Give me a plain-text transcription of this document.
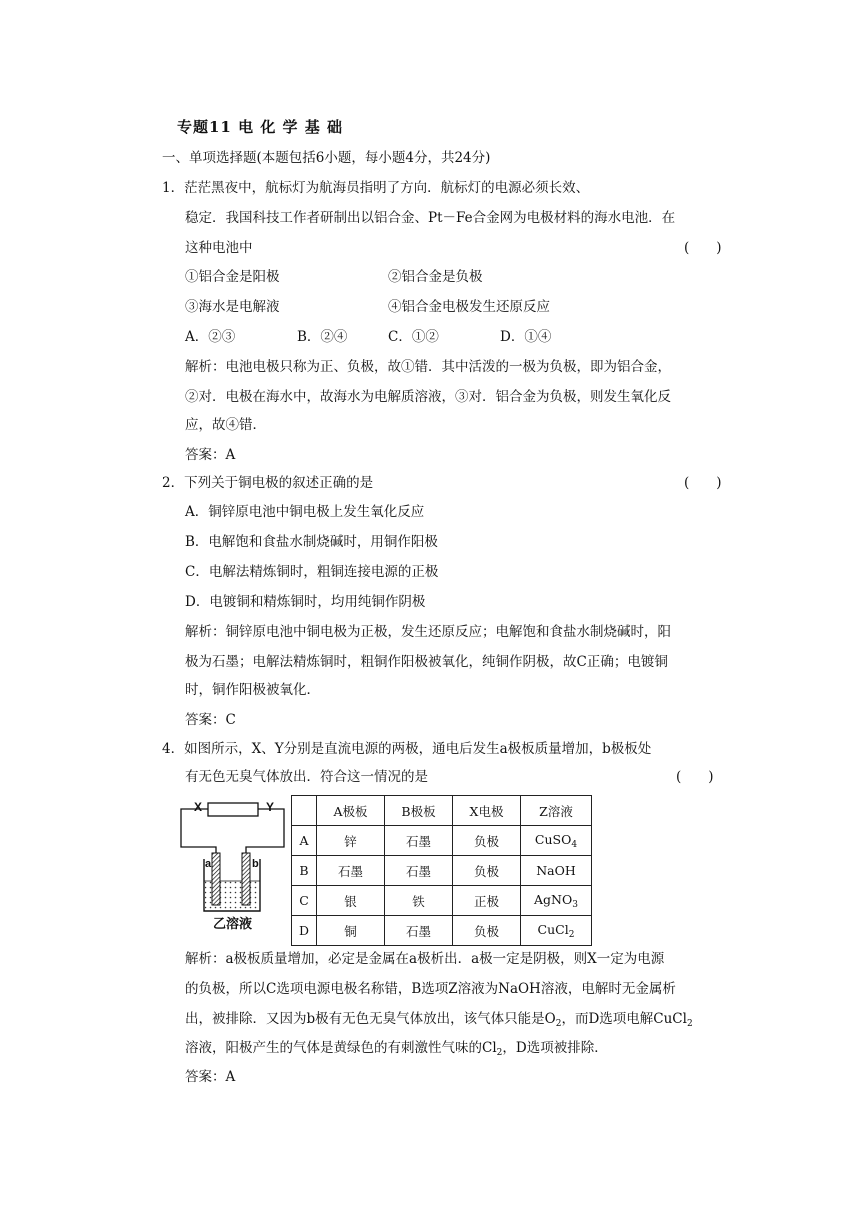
专题11 电 化 学 基 础
一、单项选择题(本题包括6小题，每小题4分，共24分)
1．茫茫黑夜中，航标灯为航海员指明了方向．航标灯的电源必须长效、
稳定．我国科技工作者研制出以铝合金、Pt－Fe合金网为电极材料的海水电池．在
这种电池中	(　　)
①铝合金是阳极	②铝合金是负极
③海水是电解液	④铝合金电极发生还原反应
A．②③	B．②④	C．①②	D．①④
解析：电池电极只称为正、负极，故①错．其中活泼的一极为负极，即为铝合金，
②对．电极在海水中，故海水为电解质溶液，③对．铝合金为负极，则发生氧化反
应，故④错．
答案：A
2．下列关于铜电极的叙述正确的是	(　　)
A．铜锌原电池中铜电极上发生氧化反应
B．电解饱和食盐水制烧碱时，用铜作阳极
C．电解法精炼铜时，粗铜连接电源的正极
D．电镀铜和精炼铜时，均用纯铜作阴极
解析：铜锌原电池中铜电极为正极，发生还原反应；电解饱和食盐水制烧碱时，阳
极为石墨；电解法精炼铜时，粗铜作阳极被氧化，纯铜作阴极，故C正确；电镀铜
时，铜作阳极被氧化．
答案：C
4．如图所示，X、Y分别是直流电源的两极，通电后发生a极板质量增加，b极板处
有无色无臭气体放出．符合这一情况的是	(　　)
X	Y
a	b
乙溶液
	A极板	B极板	X电极	Z溶液
A	锌	石墨	负极	CuSO$_4$
B	石墨	石墨	负极	NaOH
C	银	铁	正极	AgNO$_3$
D	铜	石墨	负极	CuCl$_2$
解析：a极板质量增加，必定是金属在a极析出．a极一定是阴极，则X一定为电源
的负极，所以C选项电源电极名称错，B选项Z溶液为NaOH溶液，电解时无金属析
出，被排除．又因为b极有无色无臭气体放出，该气体只能是$O_2$，而D选项电解CuCl$_2$
溶液，阳极产生的气体是黄绿色的有刺激性气味的$Cl_2$，D选项被排除．
答案：A
